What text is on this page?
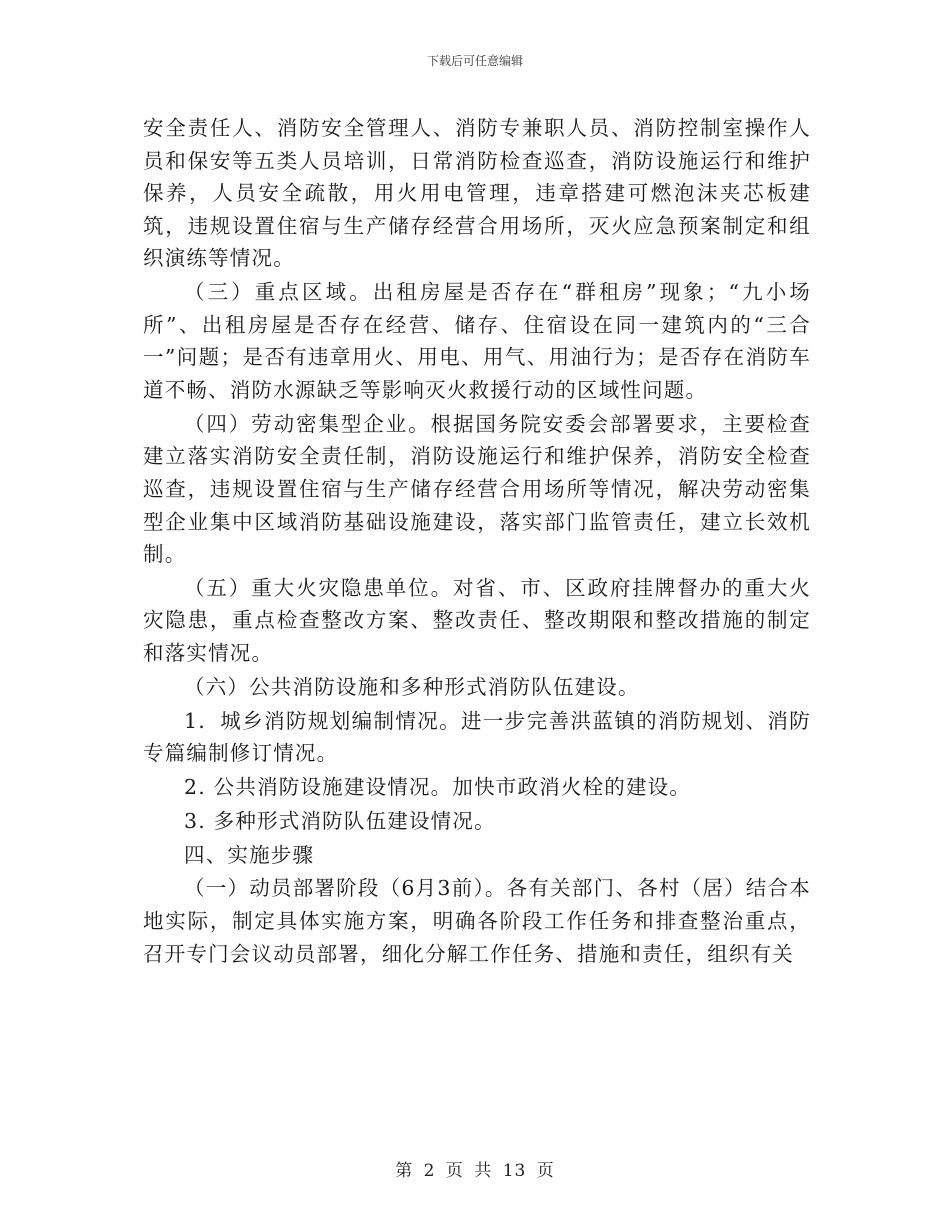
下载后可任意编辑

安全责任人、消防安全管理人、消防专兼职人员、消防控制室操作人员和保安等五类人员培训，日常消防检查巡查，消防设施运行和维护保养，人员安全疏散，用火用电管理，违章搭建可燃泡沫夹芯板建筑，违规设置住宿与生产储存经营合用场所，灭火应急预案制定和组织演练等情况。

（三）重点区域。出租房屋是否存在“群租房”现象；“九小场所”、出租房屋是否存在经营、储存、住宿设在同一建筑内的“三合一”问题；是否有违章用火、用电、用气、用油行为；是否存在消防车道不畅、消防水源缺乏等影响灭火救援行动的区域性问题。

（四）劳动密集型企业。根据国务院安委会部署要求，主要检查建立落实消防安全责任制，消防设施运行和维护保养，消防安全检查巡查，违规设置住宿与生产储存经营合用场所等情况，解决劳动密集型企业集中区域消防基础设施建设，落实部门监管责任，建立长效机制。

（五）重大火灾隐患单位。对省、市、区政府挂牌督办的重大火灾隐患，重点检查整改方案、整改责任、整改期限和整改措施的制定和落实情况。

（六）公共消防设施和多种形式消防队伍建设。

1．城乡消防规划编制情况。进一步完善洪蓝镇的消防规划、消防专篇编制修订情况。

2. 公共消防设施建设情况。加快市政消火栓的建设。

3. 多种形式消防队伍建设情况。

四、实施步骤

（一）动员部署阶段（6月3前）。各有关部门、各村（居）结合本地实际，制定具体实施方案，明确各阶段工作任务和排查整治重点，召开专门会议动员部署，细化分解工作任务、措施和责任，组织有关

第 2 页 共 13 页
